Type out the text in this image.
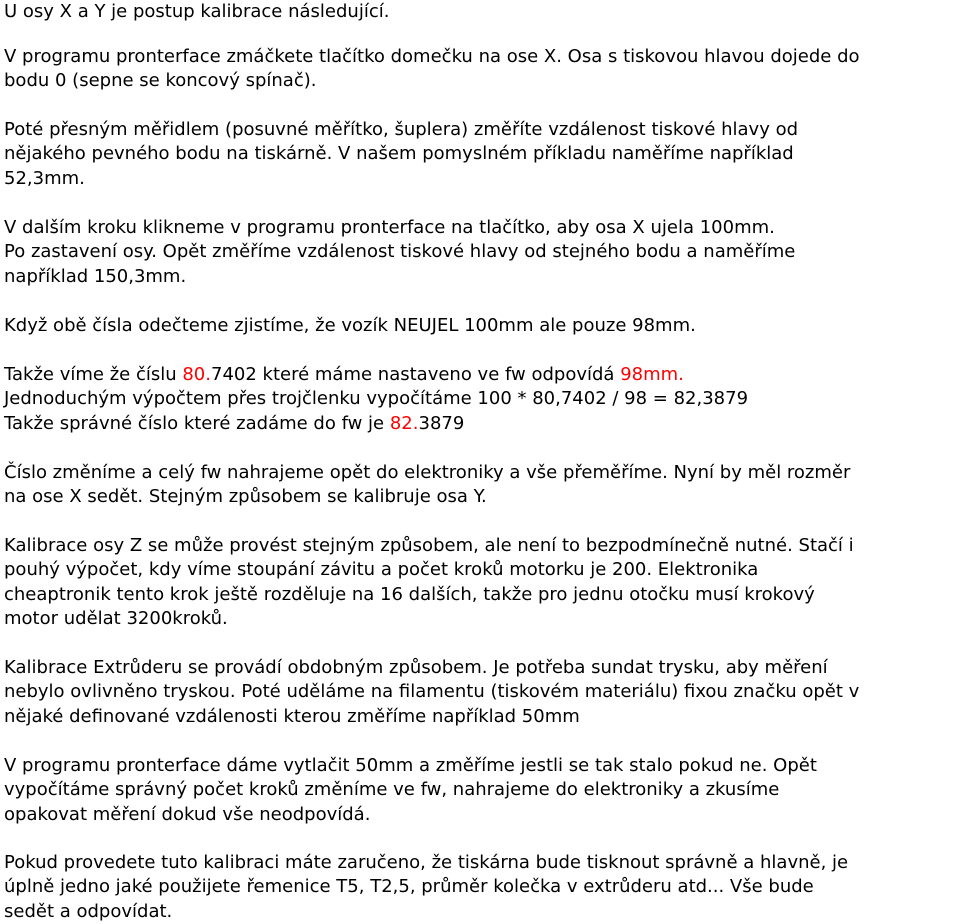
U osy X a Y je postup kalibrace následující.

V programu pronterface zmáčkete tlačítko domečku na ose X. Osa s tiskovou hlavou dojede do
bodu 0 (sepne se koncový spínač).

Poté přesným měřidlem (posuvné měřítko, šuplera) změříte vzdálenost tiskové hlavy od
nějakého pevného bodu na tiskárně. V našem pomyslném příkladu naměříme například
52,3mm.

V dalším kroku klikneme v programu pronterface na tlačítko, aby osa X ujela 100mm.
Po zastavení osy. Opět změříme vzdálenost tiskové hlavy od stejného bodu a naměříme
například 150,3mm.

Když obě čísla odečteme zjistíme, že vozík NEUJEL 100mm ale pouze 98mm.

Takže víme že číslu 80.7402 které máme nastaveno ve fw odpovídá 98mm.
Jednoduchým výpočtem přes trojčlenku vypočítáme 100 * 80,7402 / 98 = 82,3879
Takže správné číslo které zadáme do fw je 82.3879

Číslo změníme a celý fw nahrajeme opět do elektroniky a vše přeměříme. Nyní by měl rozměr
na ose X sedět. Stejným způsobem se kalibruje osa Y.

Kalibrace osy Z se může provést stejným způsobem, ale není to bezpodmínečně nutné. Stačí i
pouhý výpočet, kdy víme stoupání závitu a počet kroků motorku je 200. Elektronika
cheaptronik tento krok ještě rozděluje na 16 dalších, takže pro jednu otočku musí krokový
motor udělat 3200kroků.

Kalibrace Extrůderu se provádí obdobným způsobem. Je potřeba sundat trysku, aby měření
nebylo ovlivněno tryskou. Poté uděláme na filamentu (tiskovém materiálu) fixou značku opět v
nějaké definované vzdálenosti kterou změříme například 50mm

V programu pronterface dáme vytlačit 50mm a změříme jestli se tak stalo pokud ne. Opět
vypočítáme správný počet kroků změníme ve fw, nahrajeme do elektroniky a zkusíme
opakovat měření dokud vše neodpovídá.

Pokud provedete tuto kalibraci máte zaručeno, že tiskárna bude tisknout správně a hlavně, je
úplně jedno jaké použijete řemenice T5, T2,5, průměr kolečka v extrůderu atd... Vše bude
sedět a odpovídat.
